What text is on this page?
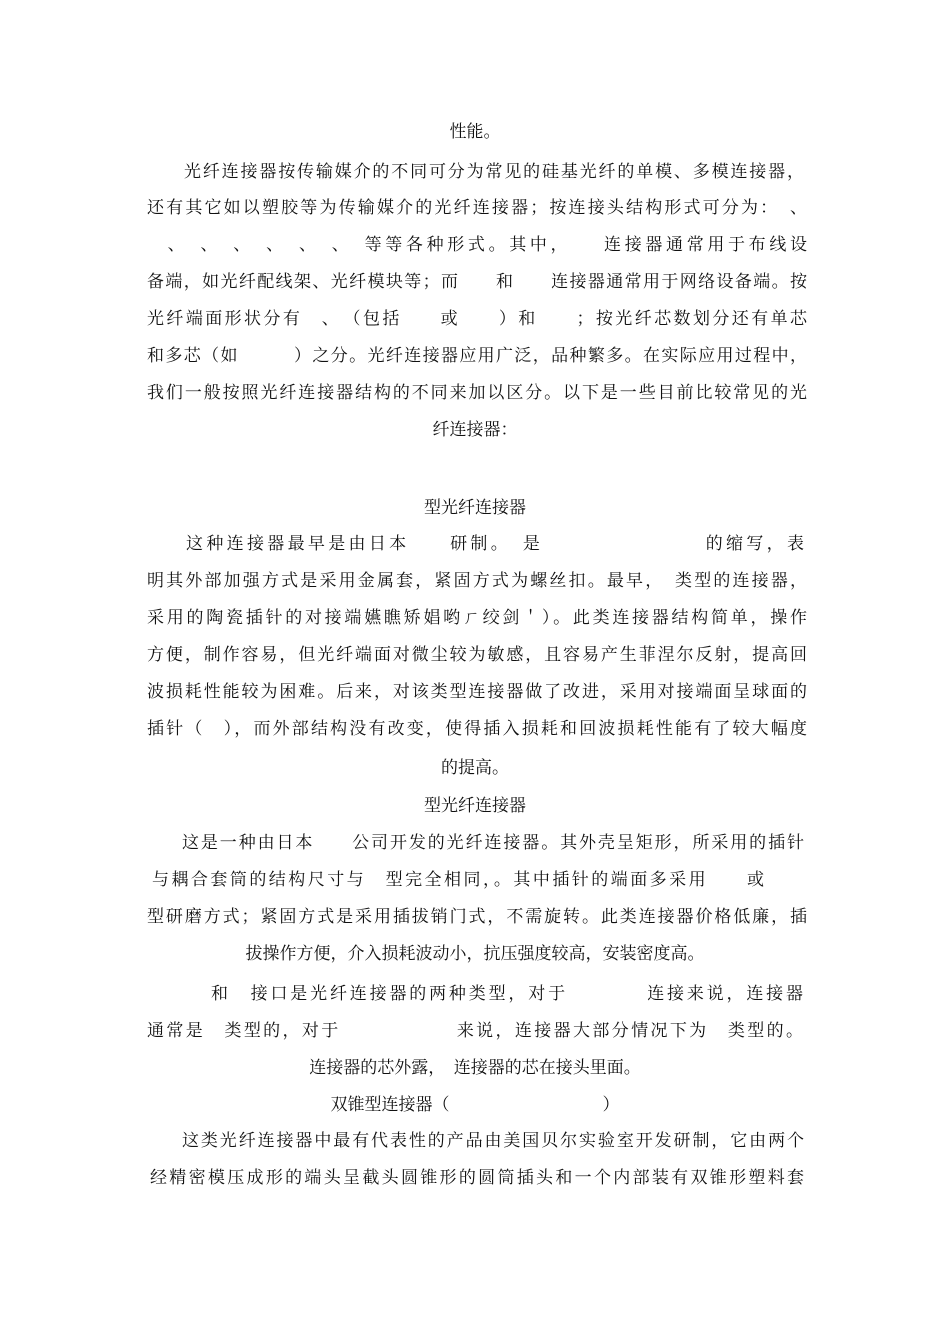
性能。
光纤连接器按传输媒介的不同可分为常见的硅基光纤的单模、多模连接器，
还有其它如以塑胶等为传输媒介的光纤连接器；按连接头结构形式可分为：　、
　、　、　、　、　、　、　等等各种形式。其中，　　连接器通常用于布线设
备端，如光纤配线架、光纤模块等；而　　和　　连接器通常用于网络设备端。按
光纤端面形状分有　、　（包括　　或　　）和　　；按光纤芯数划分还有单芯
和多芯（如　　　）之分。光纤连接器应用广泛，品种繁多。在实际应用过程中，
我们一般按照光纤连接器结构的不同来加以区分。以下是一些目前比较常见的光
纤连接器：
型光纤连接器
这种连接器最早是由日本　　研制。　是　　　　　　　　的缩写，表
明其外部加强方式是采用金属套，紧固方式为螺丝扣。最早，　类型的连接器，
采用的陶瓷插针的对接端嬿瞧矫娼哟ㄏ绞剑＇）。此类连接器结构简单，操作
方便，制作容易，但光纤端面对微尘较为敏感，且容易产生菲涅尔反射，提高回
波损耗性能较为困难。后来，对该类型连接器做了改进，采用对接端面呈球面的
插针（　），而外部结构没有改变，使得插入损耗和回波损耗性能有了较大幅度
的提高。
型光纤连接器
这是一种由日本　　公司开发的光纤连接器。其外壳呈矩形，所采用的插针
与耦合套筒的结构尺寸与　型完全相同，。其中插针的端面多采用　　或
型研磨方式；紧固方式是采用插拔销门式，不需旋转。此类连接器价格低廉，插
拔操作方便，介入损耗波动小，抗压强度较高，安装密度高。
和　接口是光纤连接器的两种类型，对于　　　　连接来说，连接器
通常是　类型的，对于　　　　　　来说，连接器大部分情况下为　类型的。
连接器的芯外露，　连接器的芯在接头里面。
双锥型连接器（　　　　　　　　　）
这类光纤连接器中最有代表性的产品由美国贝尔实验室开发研制，它由两个
经精密模压成形的端头呈截头圆锥形的圆筒插头和一个内部装有双锥形塑料套
